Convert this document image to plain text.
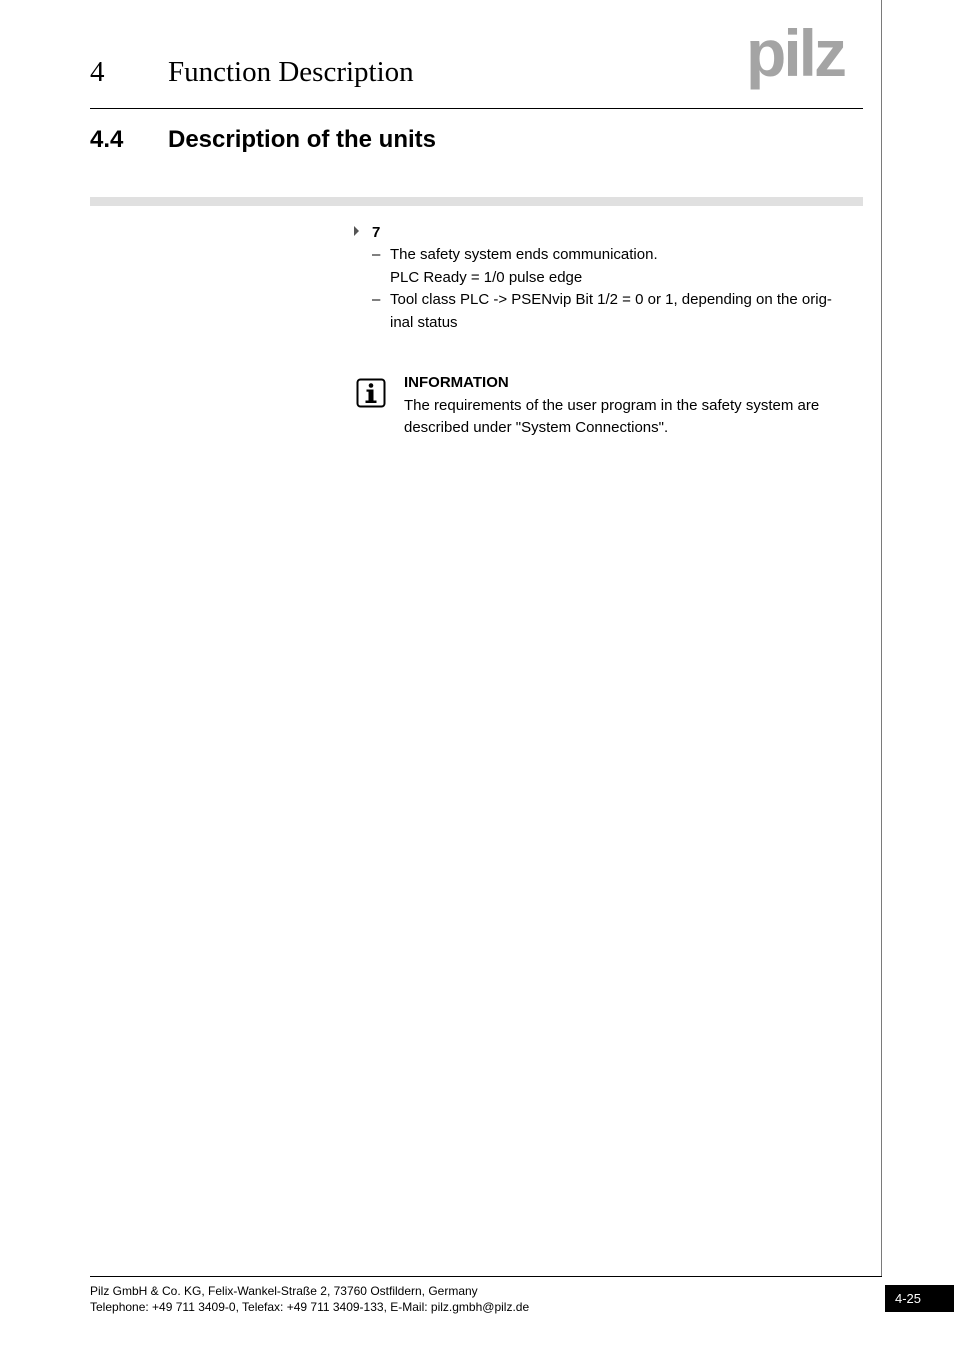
4 Function Description	pilz
4.4 Description of the units
7
– The safety system ends communication.
PLC Ready = 1/0 pulse edge
– Tool class PLC -> PSENvip Bit 1/2 = 0 or 1, depending on the orig-
inal status
INFORMATION
The requirements of the user program in the safety system are
described under "System Connections".
Pilz GmbH & Co. KG, Felix-Wankel-Straße 2, 73760 Ostfildern, Germany
Telephone: +49 711 3409-0, Telefax: +49 711 3409-133, E-Mail: pilz.gmbh@pilz.de
4-25
